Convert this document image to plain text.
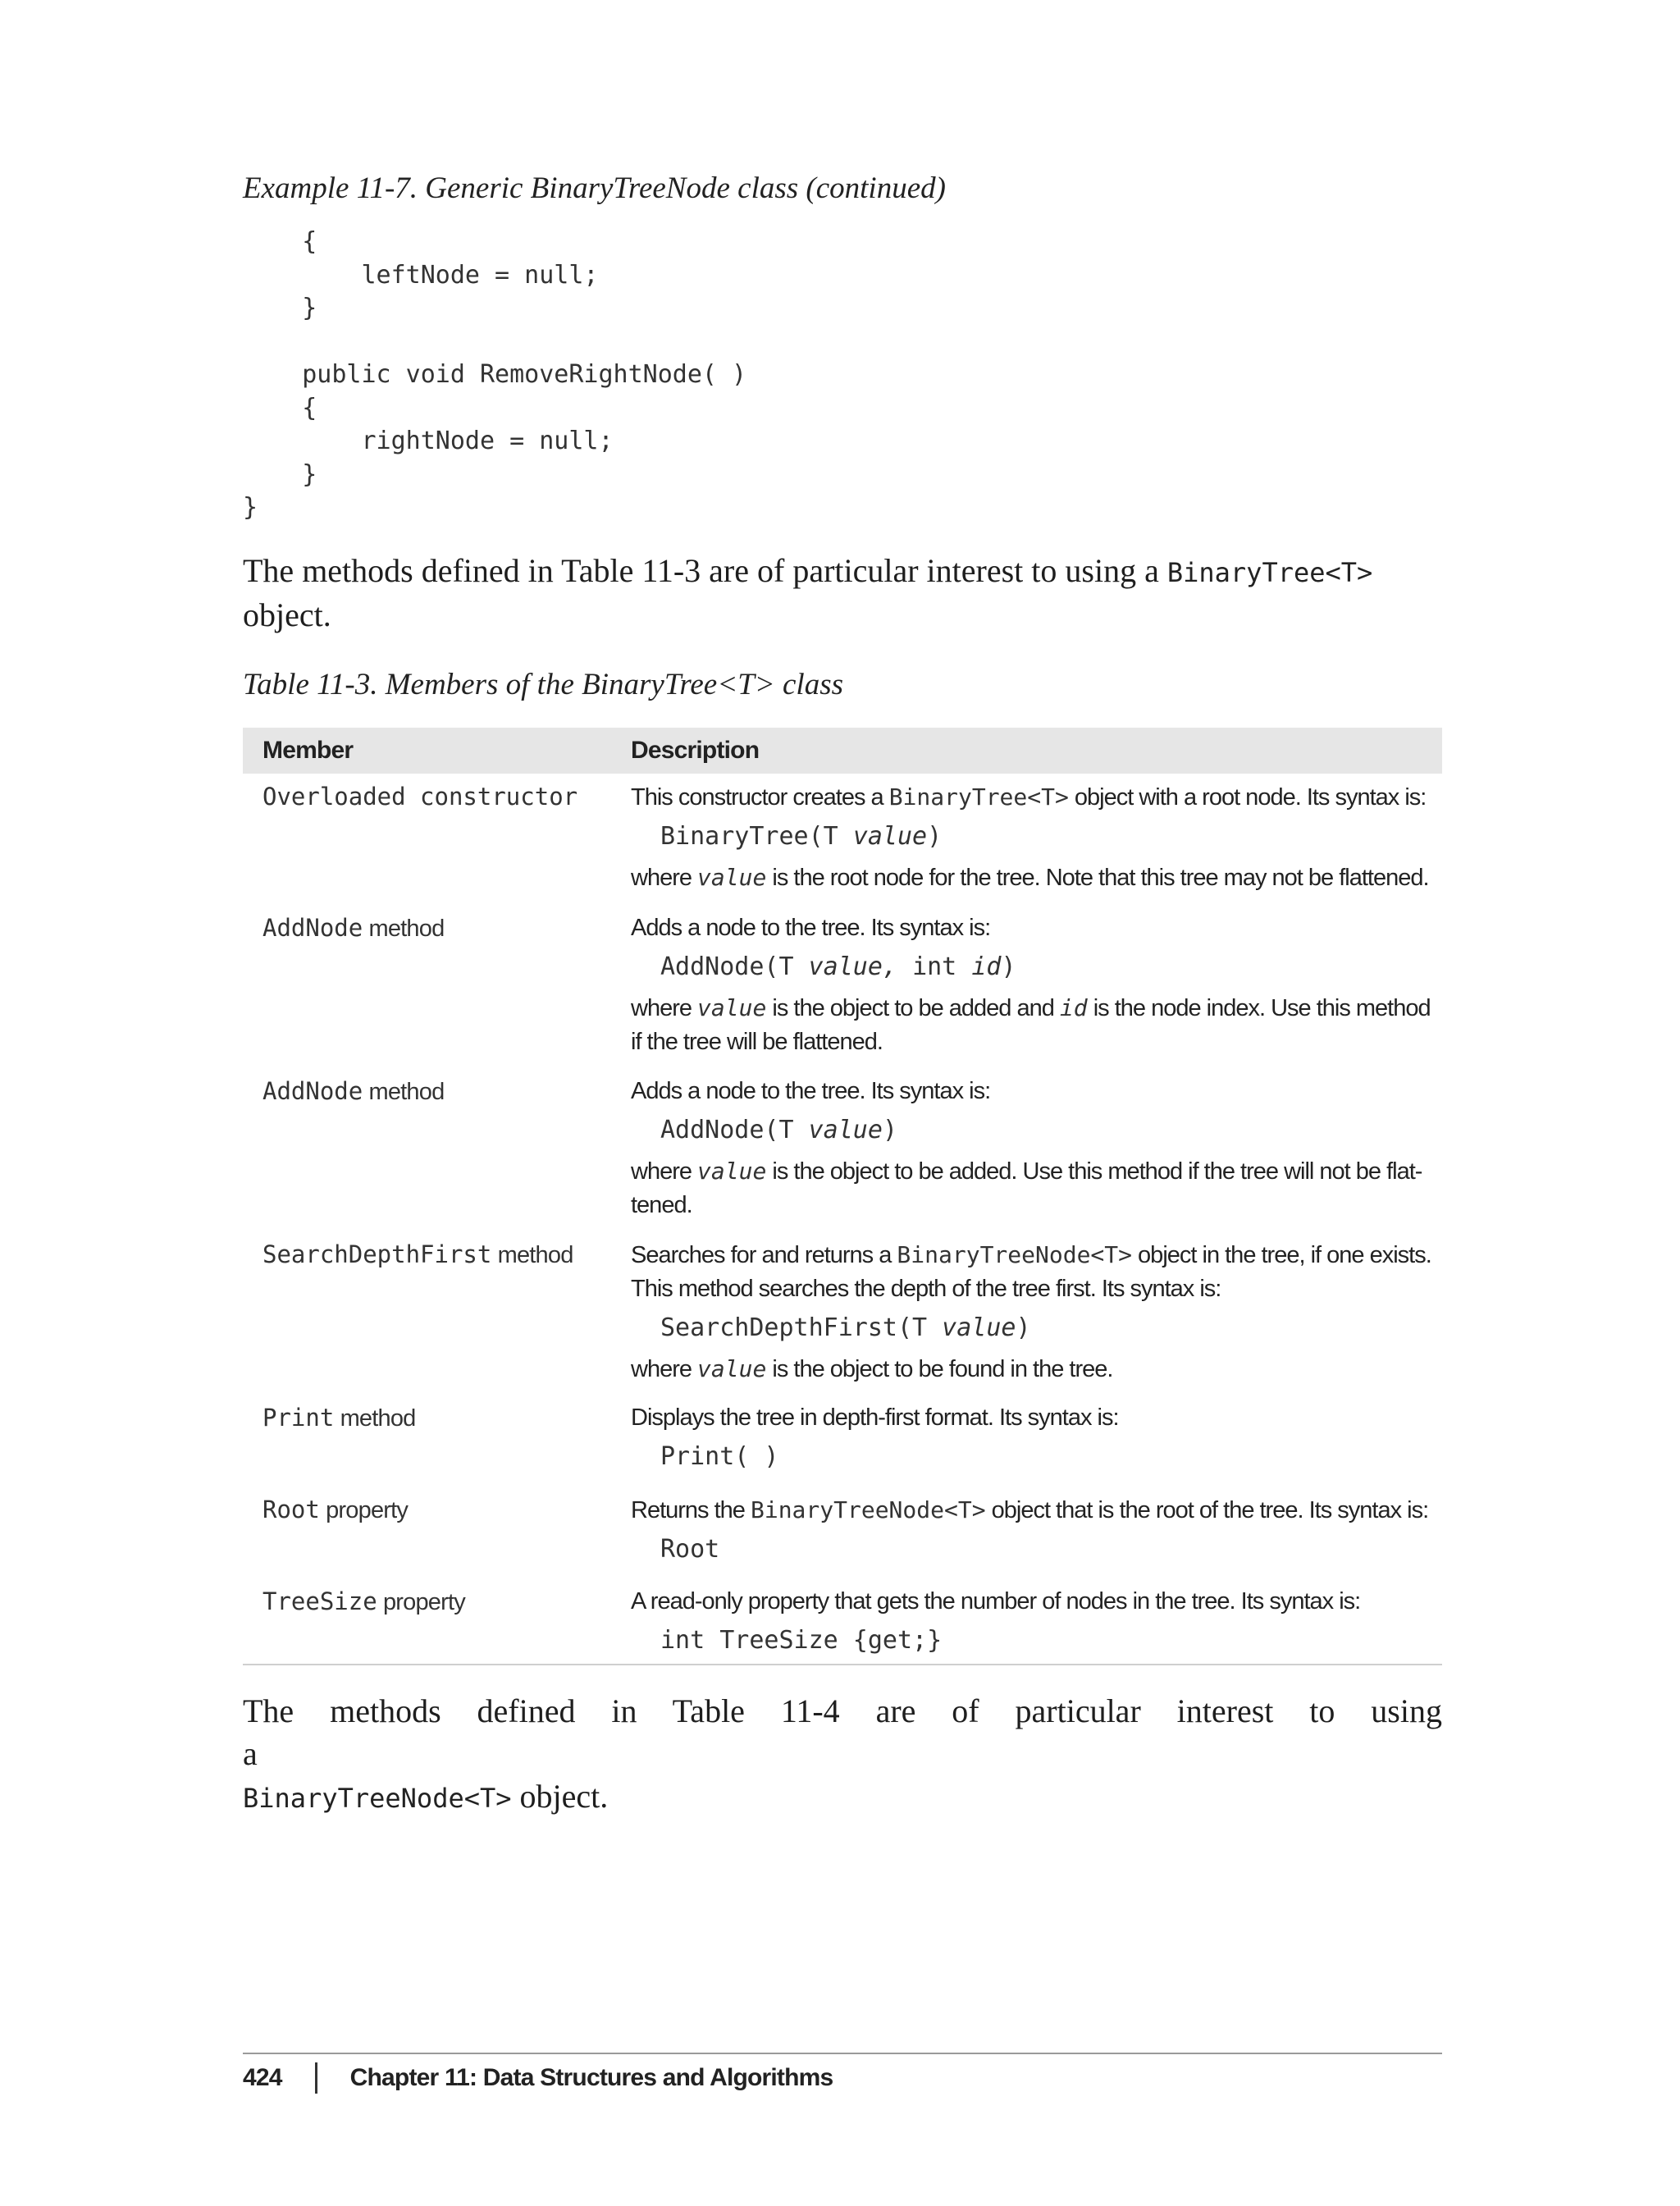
Example 11-7. Generic BinaryTreeNode class (continued)
{
leftNode = null;
}

public void RemoveRightNode( )
{
rightNode = null;
}
}

The methods defined in Table 11-3 are of particular interest to using a BinaryTree<T> object.

Table 11-3. Members of the BinaryTree<T> class
Member	Description
Overloaded constructor	This constructor creates a BinaryTree<T> object with a root node. Its syntax is:

BinaryTree(T value)

where value is the root node for the tree. Note that this tree may not be flattened.

AddNode method	Adds a node to the tree. Its syntax is:

AddNode(T value, int id)

where value is the object to be added and id is the node index. Use this method if the tree will be flattened.

AddNode method	Adds a node to the tree. Its syntax is:

AddNode(T value)

where value is the object to be added. Use this method if the tree will not be flat-tened.

SearchDepthFirst method	Searches for and returns a BinaryTreeNode<T> object in the tree, if one exists. This method searches the depth of the tree first. Its syntax is:

SearchDepthFirst(T value)

where value is the object to be found in the tree.

Print method	Displays the tree in depth-first format. Its syntax is:

Print( )
Root property	Returns the BinaryTreeNode<T> object that is the root of the tree. Its syntax is:

Root
TreeSize property	A read-only property that gets the number of nodes in the tree. Its syntax is:

int TreeSize {get;}

The methods defined in Table 11-4 are of particular interest to using a
BinaryTreeNode<T> object.

424	Chapter 11: Data Structures and Algorithms
